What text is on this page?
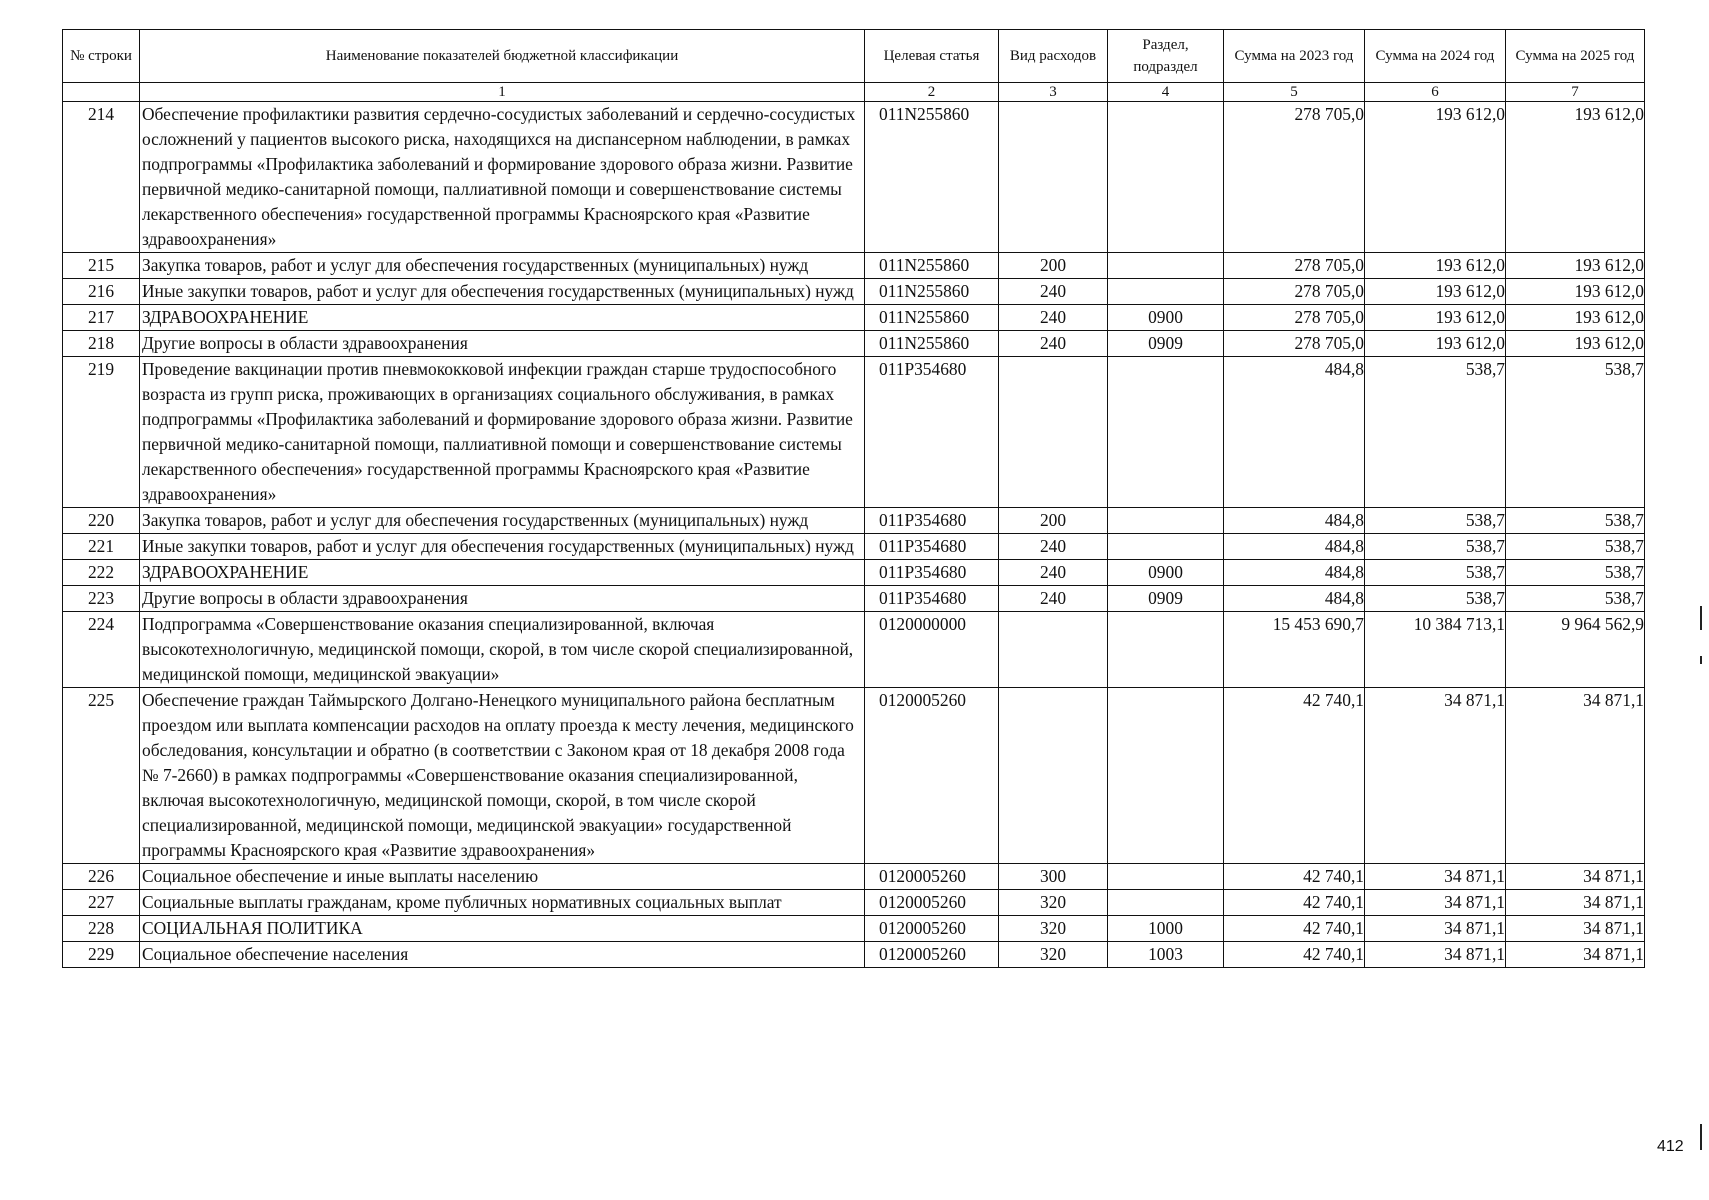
№ строки	Наименование показателей бюджетной классификации	Целевая статья	Вид расходов	Раздел, подраздел	Сумма на 2023 год	Сумма на 2024 год	Сумма на 2025 год
	1	2	3	4	5	6	7
214	Обеспечение профилактики развития сердечно-сосудистых заболеваний и сердечно-сосудистых осложнений у пациентов высокого риска, находящихся на диспансерном наблюдении, в рамках подпрограммы «Профилактика заболеваний и формирование здорового образа жизни. Развитие первичной медико-санитарной помощи, паллиативной помощи и совершенствование системы лекарственного обеспечения» государственной программы Красноярского края «Развитие здравоохранения»	011N255860			278 705,0	193 612,0	193 612,0
215	Закупка товаров, работ и услуг для обеспечения государственных (муниципальных) нужд	011N255860	200		278 705,0	193 612,0	193 612,0
216	Иные закупки товаров, работ и услуг для обеспечения государственных (муниципальных) нужд	011N255860	240		278 705,0	193 612,0	193 612,0
217	ЗДРАВООХРАНЕНИЕ	011N255860	240	0900	278 705,0	193 612,0	193 612,0
218	Другие вопросы в области здравоохранения	011N255860	240	0909	278 705,0	193 612,0	193 612,0
219	Проведение вакцинации против пневмококковой инфекции граждан старше трудоспособного возраста из групп риска, проживающих в организациях социального обслуживания, в рамках подпрограммы «Профилактика заболеваний и формирование здорового образа жизни. Развитие первичной медико-санитарной помощи, паллиативной помощи и совершенствование системы лекарственного обеспечения» государственной программы Красноярского края «Развитие здравоохранения»	011P354680			484,8	538,7	538,7
220	Закупка товаров, работ и услуг для обеспечения государственных (муниципальных) нужд	011P354680	200		484,8	538,7	538,7
221	Иные закупки товаров, работ и услуг для обеспечения государственных (муниципальных) нужд	011P354680	240		484,8	538,7	538,7
222	ЗДРАВООХРАНЕНИЕ	011P354680	240	0900	484,8	538,7	538,7
223	Другие вопросы в области здравоохранения	011P354680	240	0909	484,8	538,7	538,7
224	Подпрограмма «Совершенствование оказания специализированной, включая высокотехнологичную, медицинской помощи, скорой, в том числе скорой специализированной, медицинской помощи, медицинской эвакуации»	0120000000			15 453 690,7	10 384 713,1	9 964 562,9
225	Обеспечение граждан Таймырского Долгано-Ненецкого муниципального района бесплатным проездом или выплата компенсации расходов на оплату проезда к месту лечения, медицинского обследования, консультации и обратно (в соответствии с Законом края от 18 декабря 2008 года № 7-2660) в рамках подпрограммы «Совершенствование оказания специализированной, включая высокотехнологичную, медицинской помощи, скорой, в том числе скорой специализированной, медицинской помощи, медицинской эвакуации» государственной программы Красноярского края «Развитие здравоохранения»	0120005260			42 740,1	34 871,1	34 871,1
226	Социальное обеспечение и иные выплаты населению	0120005260	300		42 740,1	34 871,1	34 871,1
227	Социальные выплаты гражданам, кроме публичных нормативных социальных выплат	0120005260	320		42 740,1	34 871,1	34 871,1
228	СОЦИАЛЬНАЯ ПОЛИТИКА	0120005260	320	1000	42 740,1	34 871,1	34 871,1
229	Социальное обеспечение населения	0120005260	320	1003	42 740,1	34 871,1	34 871,1
412
